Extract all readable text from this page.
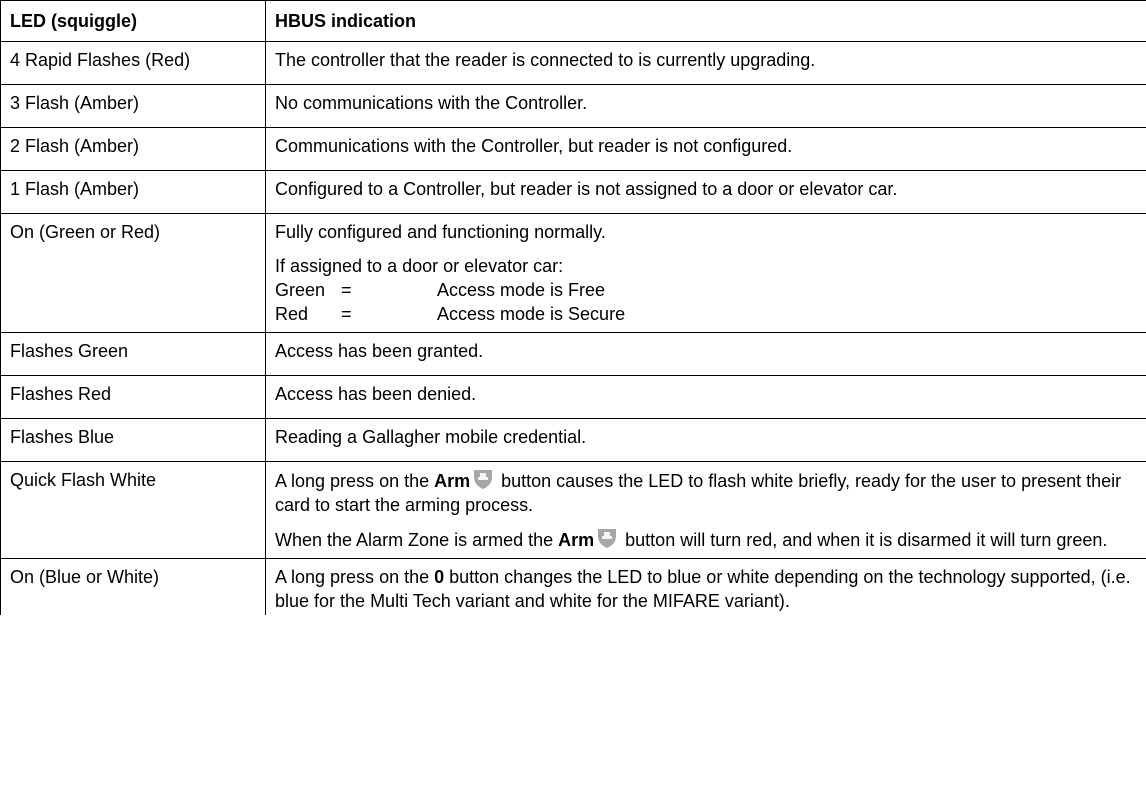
LED (squiggle)	HBUS indication
4 Rapid Flashes (Red)	The controller that the reader is connected to is currently upgrading.
3 Flash (Amber)	No communications with the Controller.
2 Flash (Amber)	Communications with the Controller, but reader is not configured.
1 Flash (Amber)	Configured to a Controller, but reader is not assigned to a door or elevator car.
On (Green or Red)	Fully configured and functioning normally.

If assigned to a door or elevator car:
Green = Access mode is Free
Red = Access mode is Secure

Flashes Green	Access has been granted.
Flashes Red	Access has been denied.
Flashes Blue	Reading a Gallagher mobile credential.
Quick Flash White	A long press on the Arm button causes the LED to flash white briefly, ready for the user to present their card to start the arming process.

When the Alarm Zone is armed the Arm button will turn red, and when it is disarmed it will turn green.

On (Blue or White)	A long press on the 0 button changes the LED to blue or white depending on the technology supported, (i.e. blue for the Multi Tech variant and white for the MIFARE variant).
